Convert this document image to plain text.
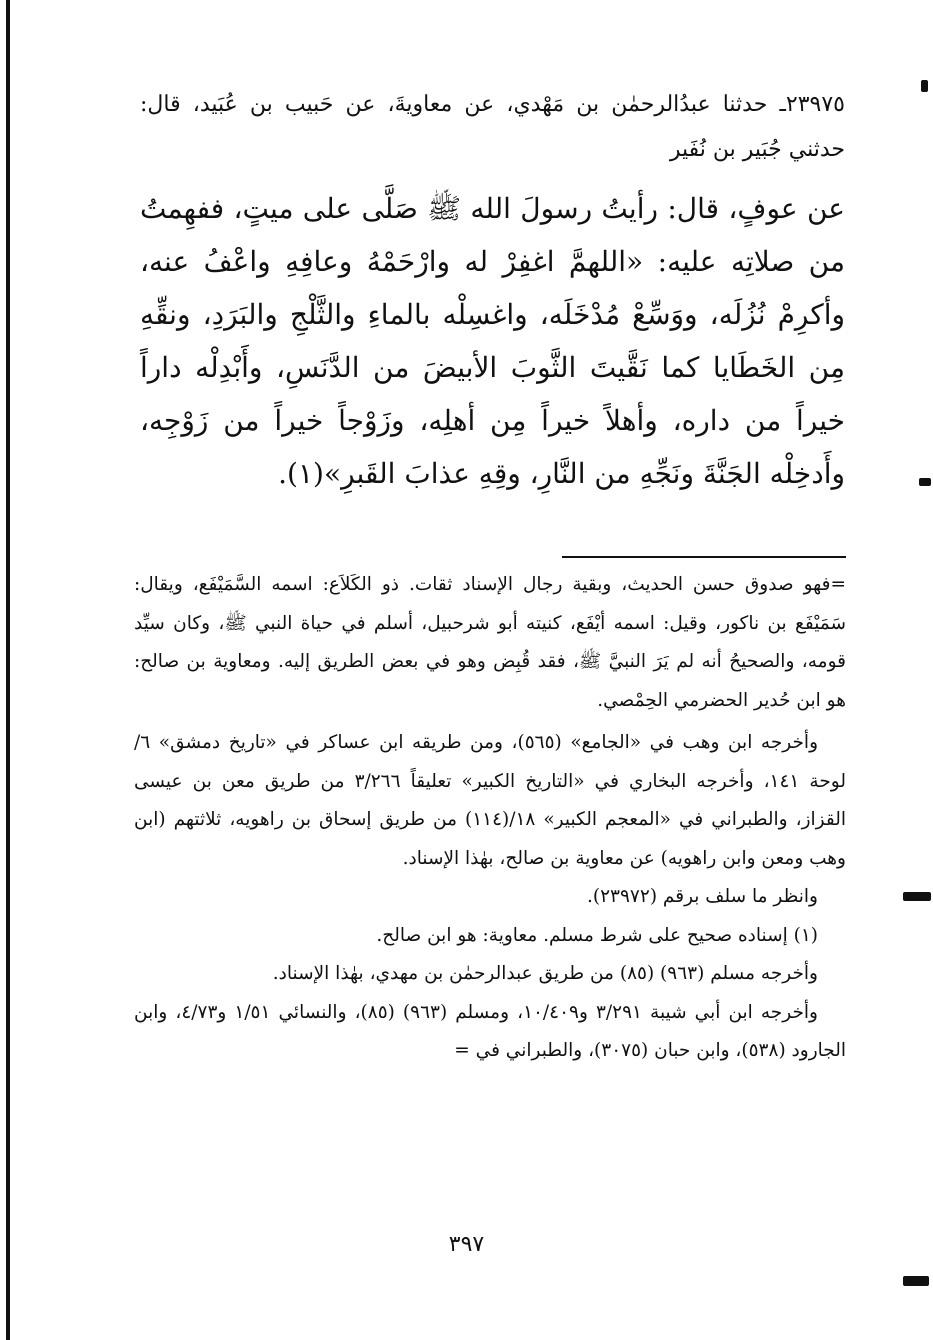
٢٣٩٧٥ـ حدثنا عبدُالرحمٰن بن مَهْدي، عن معاويةَ، عن حَبيب بن عُبَيد، قال: حدثني جُبَير بن نُفَير

عن عوفٍ، قال: رأيتُ رسولَ الله ﷺ صَلَّى على ميتٍ، ففهِمتُ من صلاتِه عليه: «اللهمَّ اغفِرْ له وارْحَمْهُ وعافِهِ واعْفُ عنه، وأكرِمْ نُزُلَه، ووَسِّعْ مُدْخَلَه، واغسِلْه بالماءِ والثَّلْجِ والبَرَدِ، ونقِّهِ مِن الخَطَايا كما نَقَّيتَ الثَّوبَ الأبيضَ من الدَّنَسِ، وأَبْدِلْه داراً خيراً من داره، وأهلاً خيراً مِن أهلِه، وزَوْجاً خيراً من زَوْجِه، وأَدخِلْه الجَنَّةَ ونَجِّهِ من النَّارِ، وقِهِ عذابَ القَبرِ»(١).

=فهو صدوق حسن الحديث، وبقية رجال الإسناد ثقات. ذو الكَلاَع: اسمه السَّمَيْفَع، ويقال: سَمَيْفَع بن ناكور، وقيل: اسمه أيْفَع، كنيته أبو شرحبيل، أسلم في حياة النبي ﷺ، وكان سيِّد قومه، والصحيحُ أنه لم يَرَ النبيَّ ﷺ، فقد قُبِض وهو في بعض الطريق إليه. ومعاوية بن صالح: هو ابن حُدير الحضرمي الحِمْصي.

وأخرجه ابن وهب في «الجامع» (٥٦٥)، ومن طريقه ابن عساكر في «تاريخ دمشق» ٦/ لوحة ١٤١، وأخرجه البخاري في «التاريخ الكبير» تعليقاً ٣/٢٦٦ من طريق معن بن عيسى القزاز، والطبراني في «المعجم الكبير» ١٨/(١١٤) من طريق إسحاق بن راهويه، ثلاثتهم (ابن وهب ومعن وابن راهويه) عن معاوية بن صالح، بهٰذا الإسناد.

وانظر ما سلف برقم (٢٣٩٧٢).

(١) إسناده صحيح على شرط مسلم. معاوية: هو ابن صالح.

وأخرجه مسلم (٩٦٣) (٨٥) من طريق عبدالرحمٰن بن مهدي، بهٰذا الإسناد.

وأخرجه ابن أبي شيبة ٣/٢٩١ و١٠/٤٠٩، ومسلم (٩٦٣) (٨٥)، والنسائي ١/٥١ و٤/٧٣، وابن الجارود (٥٣٨)، وابن حبان (٣٠٧٥)، والطبراني في =

٣٩٧
